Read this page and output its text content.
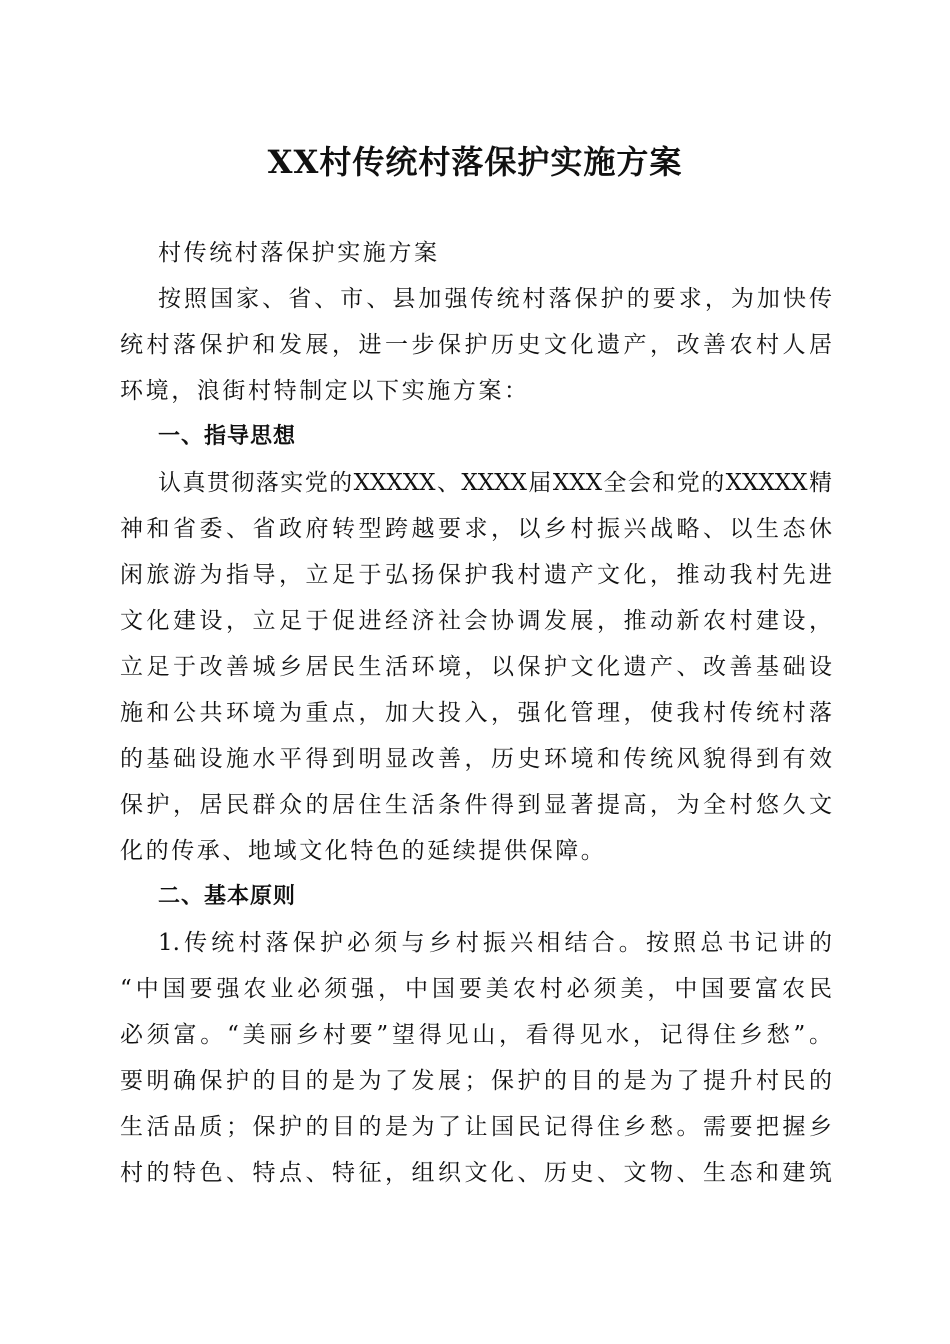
XX村传统村落保护实施方案
村传统村落保护实施方案
按照国家、省、市、县加强传统村落保护的要求，为加快传
统村落保护和发展，进一步保护历史文化遗产，改善农村人居
环境，浪街村特制定以下实施方案：
一、指导思想
认真贯彻落实党的XXXXX、XXXX届XXX全会和党的XXXXX精
神和省委、省政府转型跨越要求，以乡村振兴战略、以生态休
闲旅游为指导，立足于弘扬保护我村遗产文化，推动我村先进
文化建设，立足于促进经济社会协调发展，推动新农村建设，
立足于改善城乡居民生活环境，以保护文化遗产、改善基础设
施和公共环境为重点，加大投入，强化管理，使我村传统村落
的基础设施水平得到明显改善，历史环境和传统风貌得到有效
保护，居民群众的居住生活条件得到显著提高，为全村悠久文
化的传承、地域文化特色的延续提供保障。
二、基本原则
1.传统村落保护必须与乡村振兴相结合。按照总书记讲的
“中国要强农业必须强，中国要美农村必须美，中国要富农民
必须富。“美丽乡村要”望得见山，看得见水，记得住乡愁”。
要明确保护的目的是为了发展；保护的目的是为了提升村民的
生活品质；保护的目的是为了让国民记得住乡愁。需要把握乡
村的特色、特点、特征，组织文化、历史、文物、生态和建筑
